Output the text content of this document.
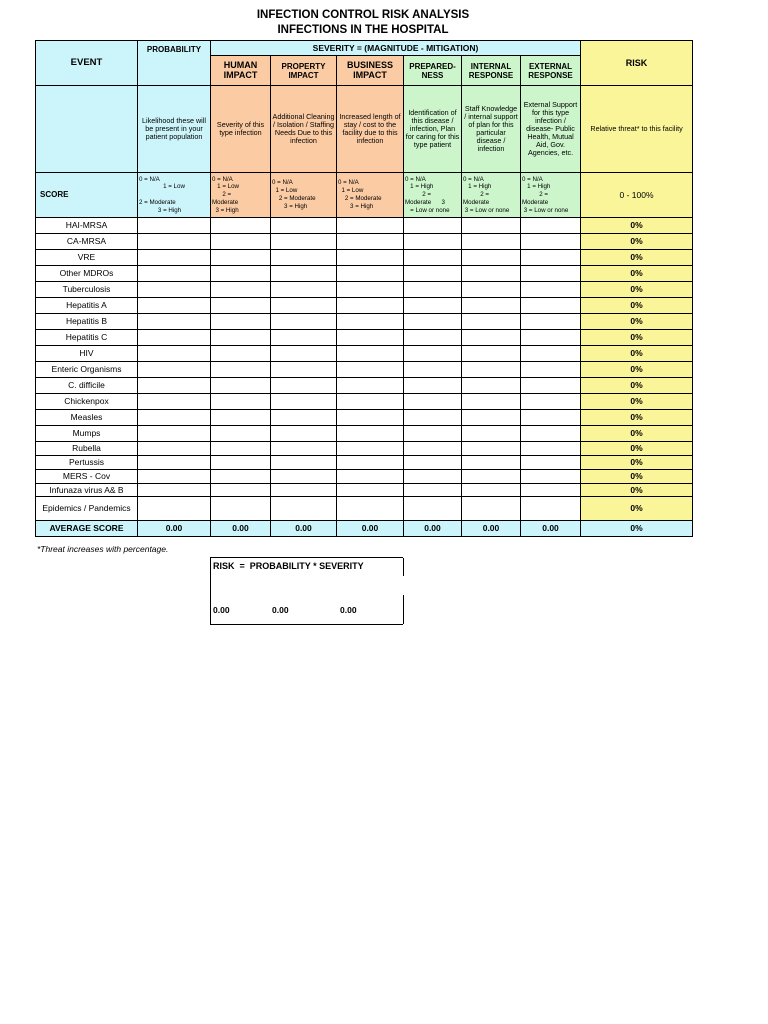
INFECTION CONTROL RISK ANALYSIS
INFECTIONS IN THE HOSPITAL
EVENT	PROBABILITY	SEVERITY = (MAGNITUDE - MITIGATION)						RISK
		HUMAN IMPACT	PROPERTY IMPACT	BUSINESS IMPACT	PREPARED- NESS	INTERNAL RESPONSE	EXTERNAL RESPONSE	
	Likelihood these will be present in your patient population	Severity of this type infection	Additional Cleaning / Isolation / Staffing Needs Due to this infection	Increased length of stay / cost to the facility due to this infection	Identification of this disease / infection, Plan for caring for this type patient	Staff Knowledge / internal support of plan for this particular disease / infection	External Support for this type infection / disease- Public Health, Mutual Aid, Gov. Agencies, etc.	Relative threat* to this facility
SCORE	0 = N/A
1 = Low

2 = Moderate
3 = High	0 = N/A
1 = Low
2 =
Moderate
3 = High	0 = N/A
1 = Low
2 = Moderate
3 = High	0 = N/A
1 = Low
2 = Moderate
3 = High	0 = N/A
1 = High
2 =
Moderate      3
= Low or none	0 = N/A
1 = High
2 =
Moderate
3 = Low or none	0 = N/A
1 = High
2 =
Moderate
3 = Low or none	0 - 100%
HAI-MRSA								0%
CA-MRSA								0%
VRE								0%
Other MDROs								0%
Tuberculosis								0%
Hepatitis A								0%
Hepatitis B								0%
Hepatitis C								0%
HIV								0%
Enteric Organisms								0%
C. difficile								0%
Chickenpox								0%
Measles								0%
Mumps								0%
Rubella								0%
Pertussis								0%
MERS - Cov								0%
Infunaza virus A& B								0%
Epidemics / Pandemics								0%
AVERAGE SCORE	0.00	0.00	0.00	0.00	0.00	0.00	0.00	0%
*Threat increases with percentage.
RISK  =  PROBABILITY * SEVERITY
0.00	0.00	0.00
